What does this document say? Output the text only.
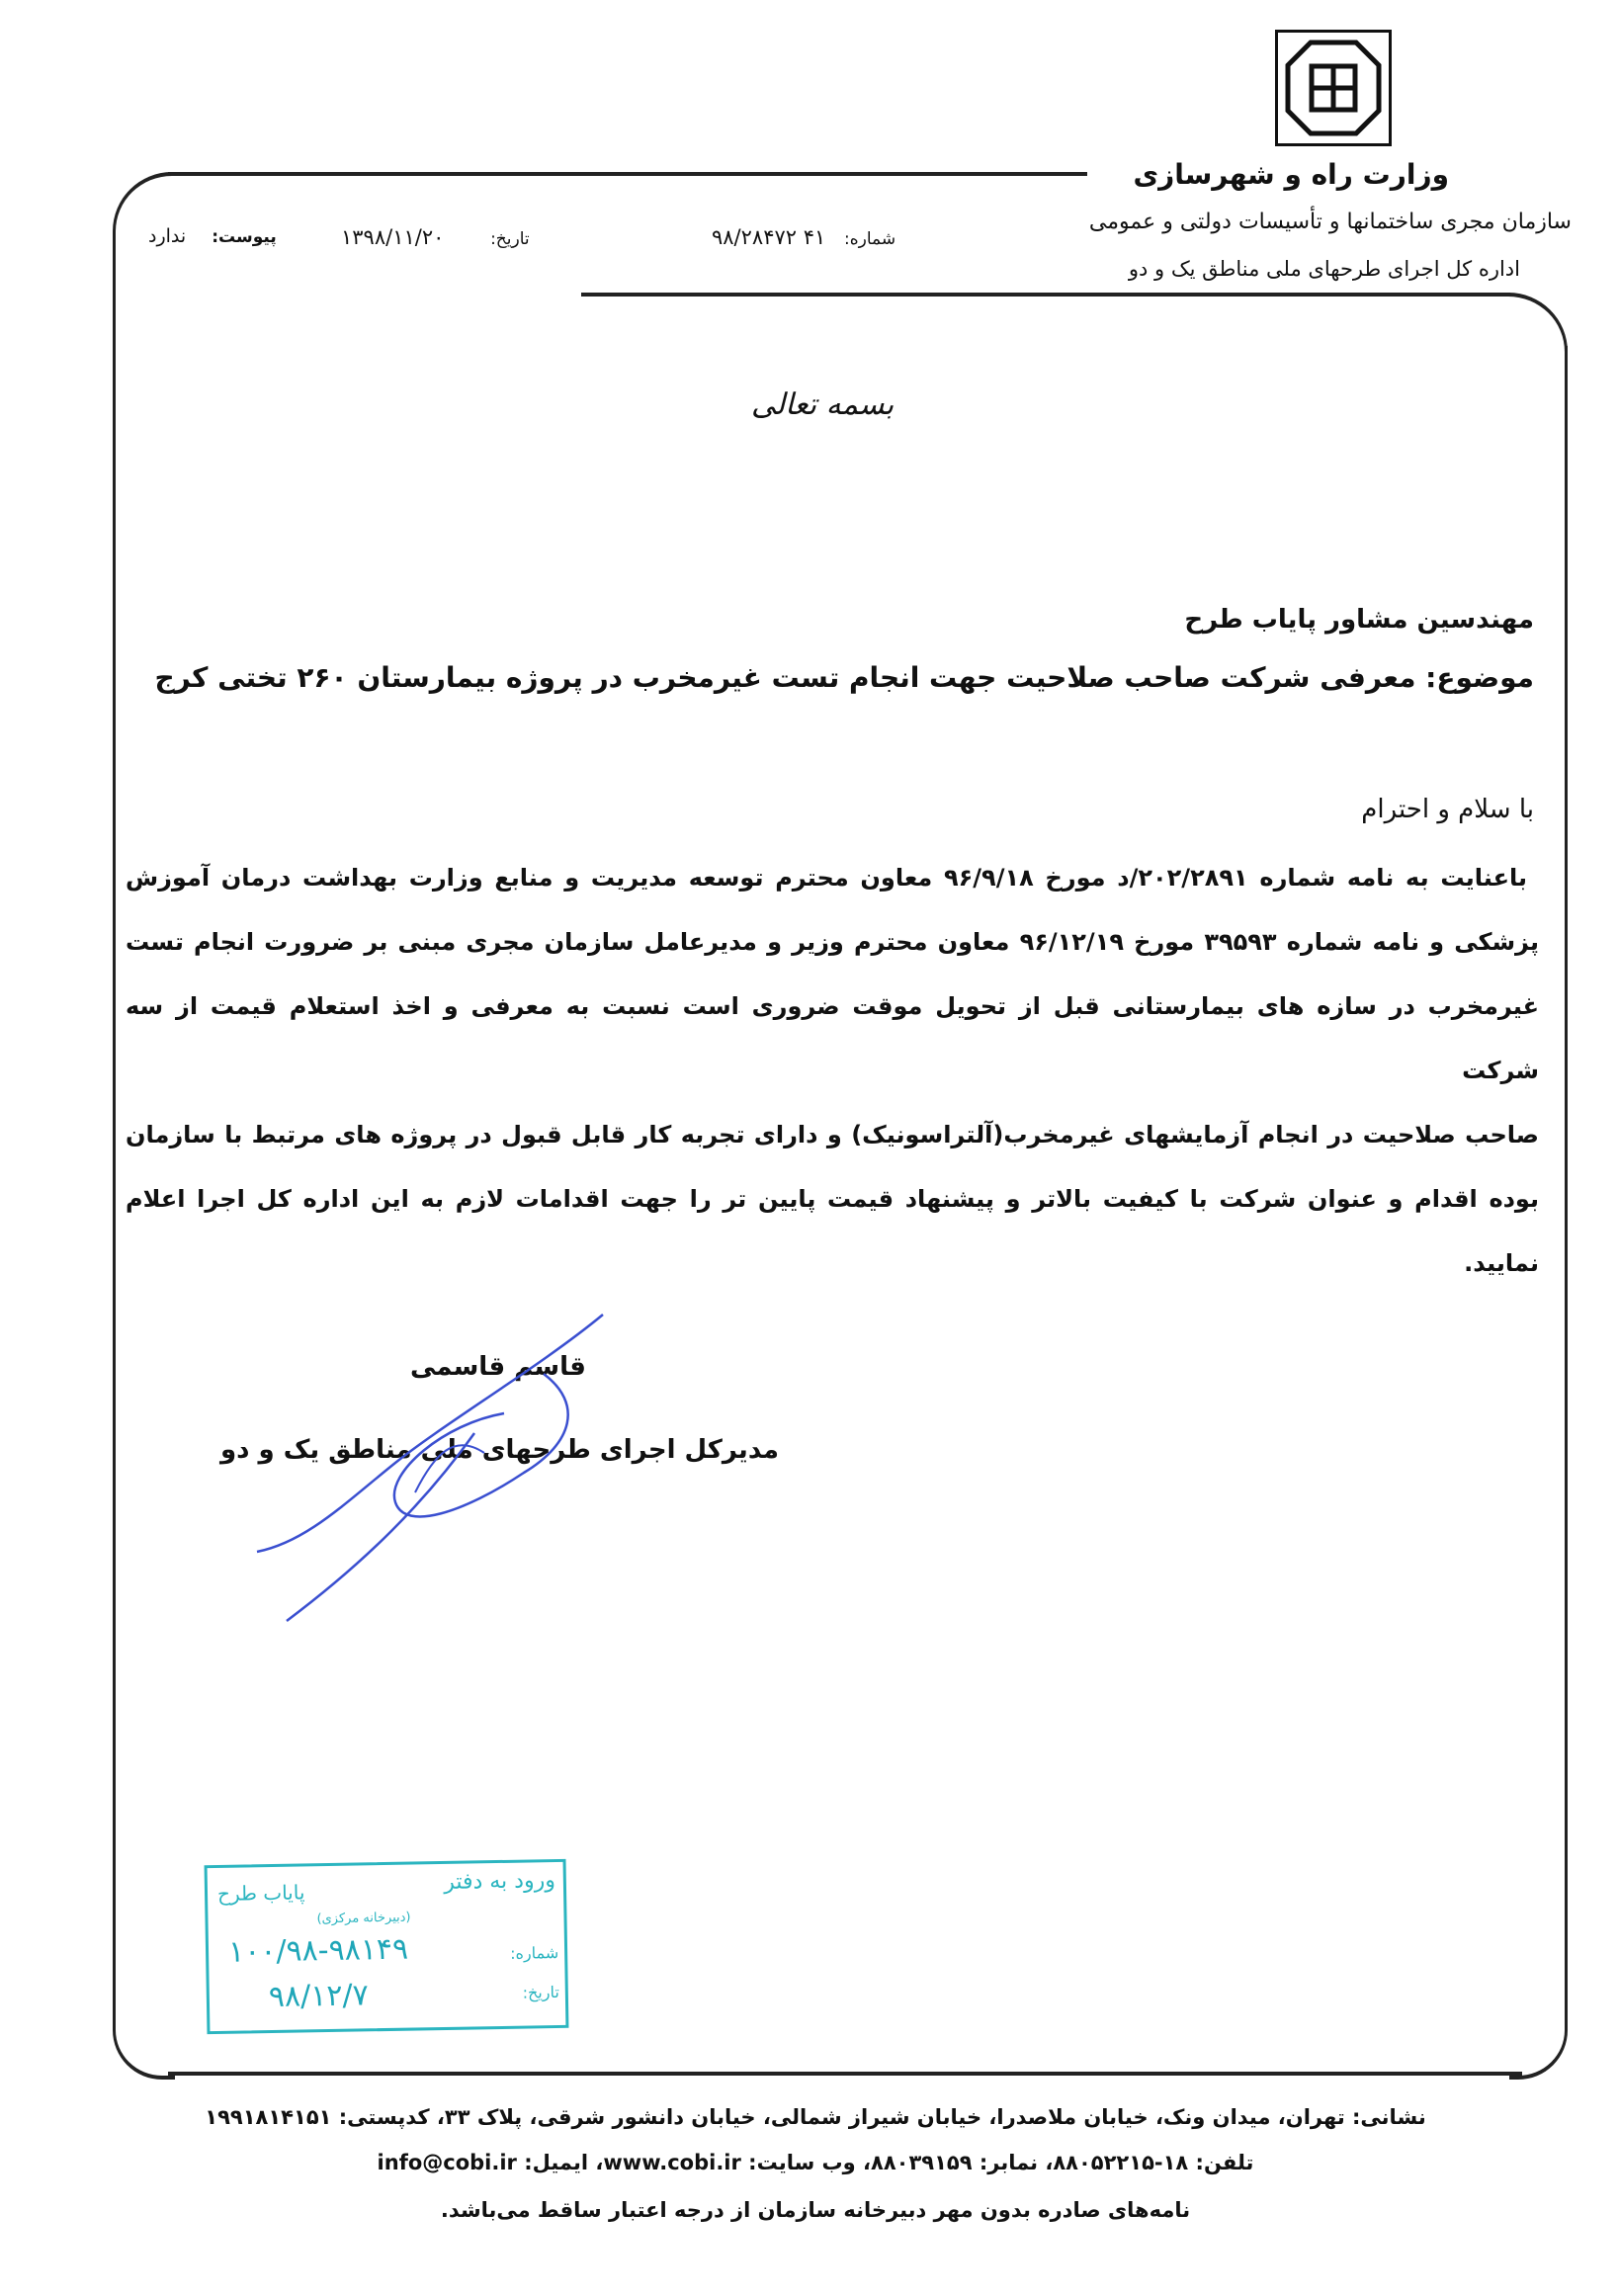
وزارت راه و شهرسازی
سازمان مجری ساختمانها و تأسیسات دولتی و عمومی
اداره کل اجرای طرحهای ملی مناطق یک و دو
شماره: ۴۱ ۹۸/۲۸۴۷۲
تاریخ: ۱۳۹۸/۱۱/۲۰
پیوست: ندارد
بسمه تعالی
مهندسین مشاور پایاب طرح
موضوع: معرفی شرکت صاحب صلاحیت جهت انجام تست غیرمخرب در پروژه بیمارستان ۲۶۰ تختی کرج
با سلام و احترام
باعنایت به نامه شماره ۲۰۲/۲۸۹۱/د مورخ ۹۶/۹/۱۸ معاون محترم توسعه مدیریت و منابع وزارت بهداشت درمان آموزش
پزشکی و نامه شماره ۳۹۵۹۳ مورخ ۹۶/۱۲/۱۹ معاون محترم وزیر و مدیرعامل سازمان مجری مبنی بر ضرورت انجام تست
غیرمخرب در سازه های بیمارستانی قبل از تحویل موقت ضروری است نسبت به معرفی و اخذ استعلام قیمت از سه شرکت
صاحب صلاحیت در انجام آزمایشهای غیرمخرب(آلتراسونیک) و دارای تجربه کار قابل قبول در پروژه های مرتبط با سازمان
بوده اقدام و عنوان شرکت با کیفیت بالاتر و پیشنهاد قیمت پایین تر را جهت اقدامات لازم به این اداره کل اجرا اعلام نمایید.
قاسم قاسمی
مدیرکل اجرای طرحهای ملی مناطق یک و دو
ورود به دفتر
پایاب طرح
(دبیرخانه مرکزی)
شماره:
۱۰۰/۹۸-۹۸۱۴۹
تاریخ:
۹۸/۱۲/۷
نشانی: تهران، میدان ونک، خیابان ملاصدرا، خیابان شیراز شمالی، خیابان دانشور شرقی، پلاک ۳۳، کدپستی: ۱۹۹۱۸۱۴۱۵۱
تلفن: ۱۸-۸۸۰۵۲۲۱۵، نمابر: ۸۸۰۳۹۱۵۹، وب سایت: www.cobi.ir، ایمیل: info@cobi.ir
نامه‌های صادره بدون مهر دبیرخانه سازمان از درجه اعتبار ساقط می‌باشد.
